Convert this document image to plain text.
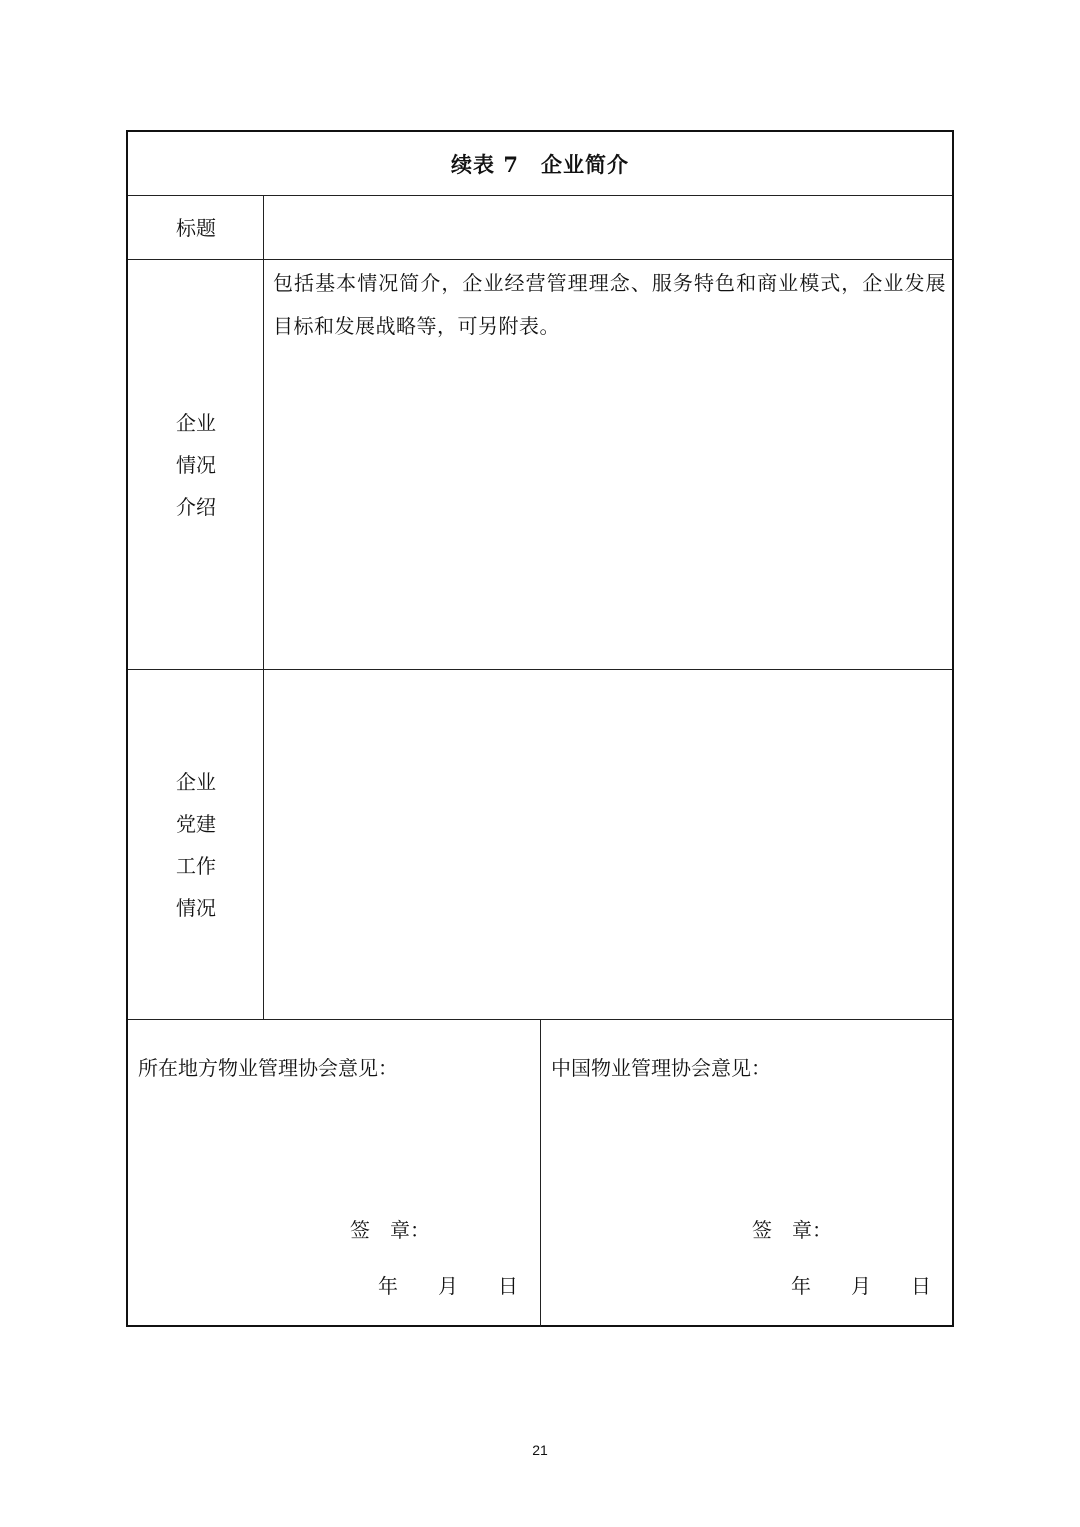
续表 7　企业简介
标题
企业
情况
介绍
包括基本情况简介，企业经营管理理念、服务特色和商业模式，企业发展目标和发展战略等，可另附表。
企业
党建
工作
情况
所在地方物业管理协会意见：
签　章：
年　　月　　日
中国物业管理协会意见：
签　章：
年　　月　　日
21
